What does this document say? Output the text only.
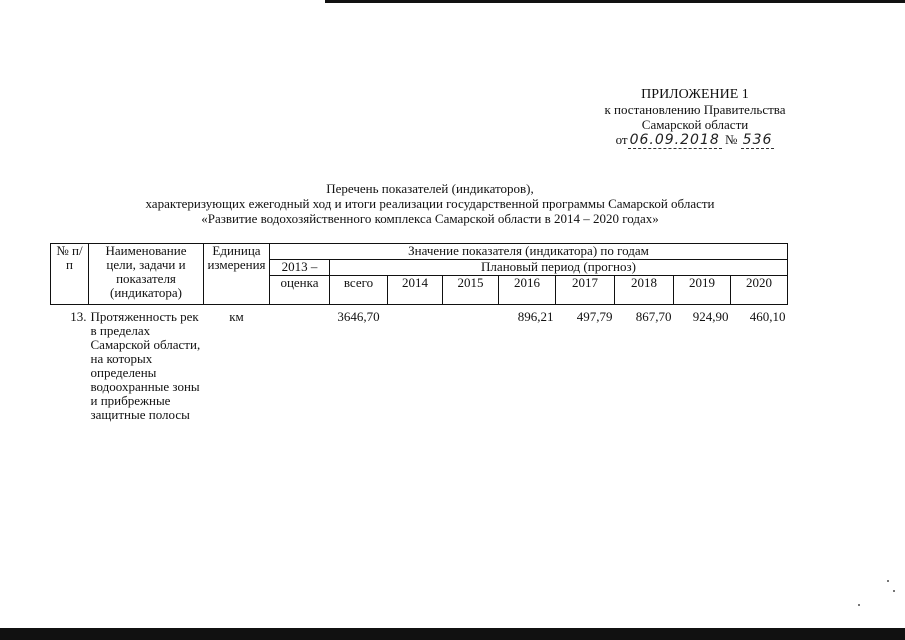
ПРИЛОЖЕНИЕ 1
к постановлению Правительства
Самарской области
от 06.09.2018 № 536
Перечень показателей (индикаторов),
характеризующих ежегодный ход и итоги реализации государственной программы Самарской области
«Развитие водохозяйственного комплекса Самарской области в 2014 – 2020 годах»
№ п/п	Наименование цели, задачи и показателя (индикатора)	Единица измерения	Значение показателя (индикатора) по годам								
			2013 –	Плановый период (прогноз)							
			оценка	всего	2014	2015	2016	2017	2018	2019	2020
13.	Протяженность рек в пределах Самарской области, на которых определены водоохранные зоны и прибрежные защитные полосы	км		3646,70			896,21	497,79	867,70	924,90	460,10
